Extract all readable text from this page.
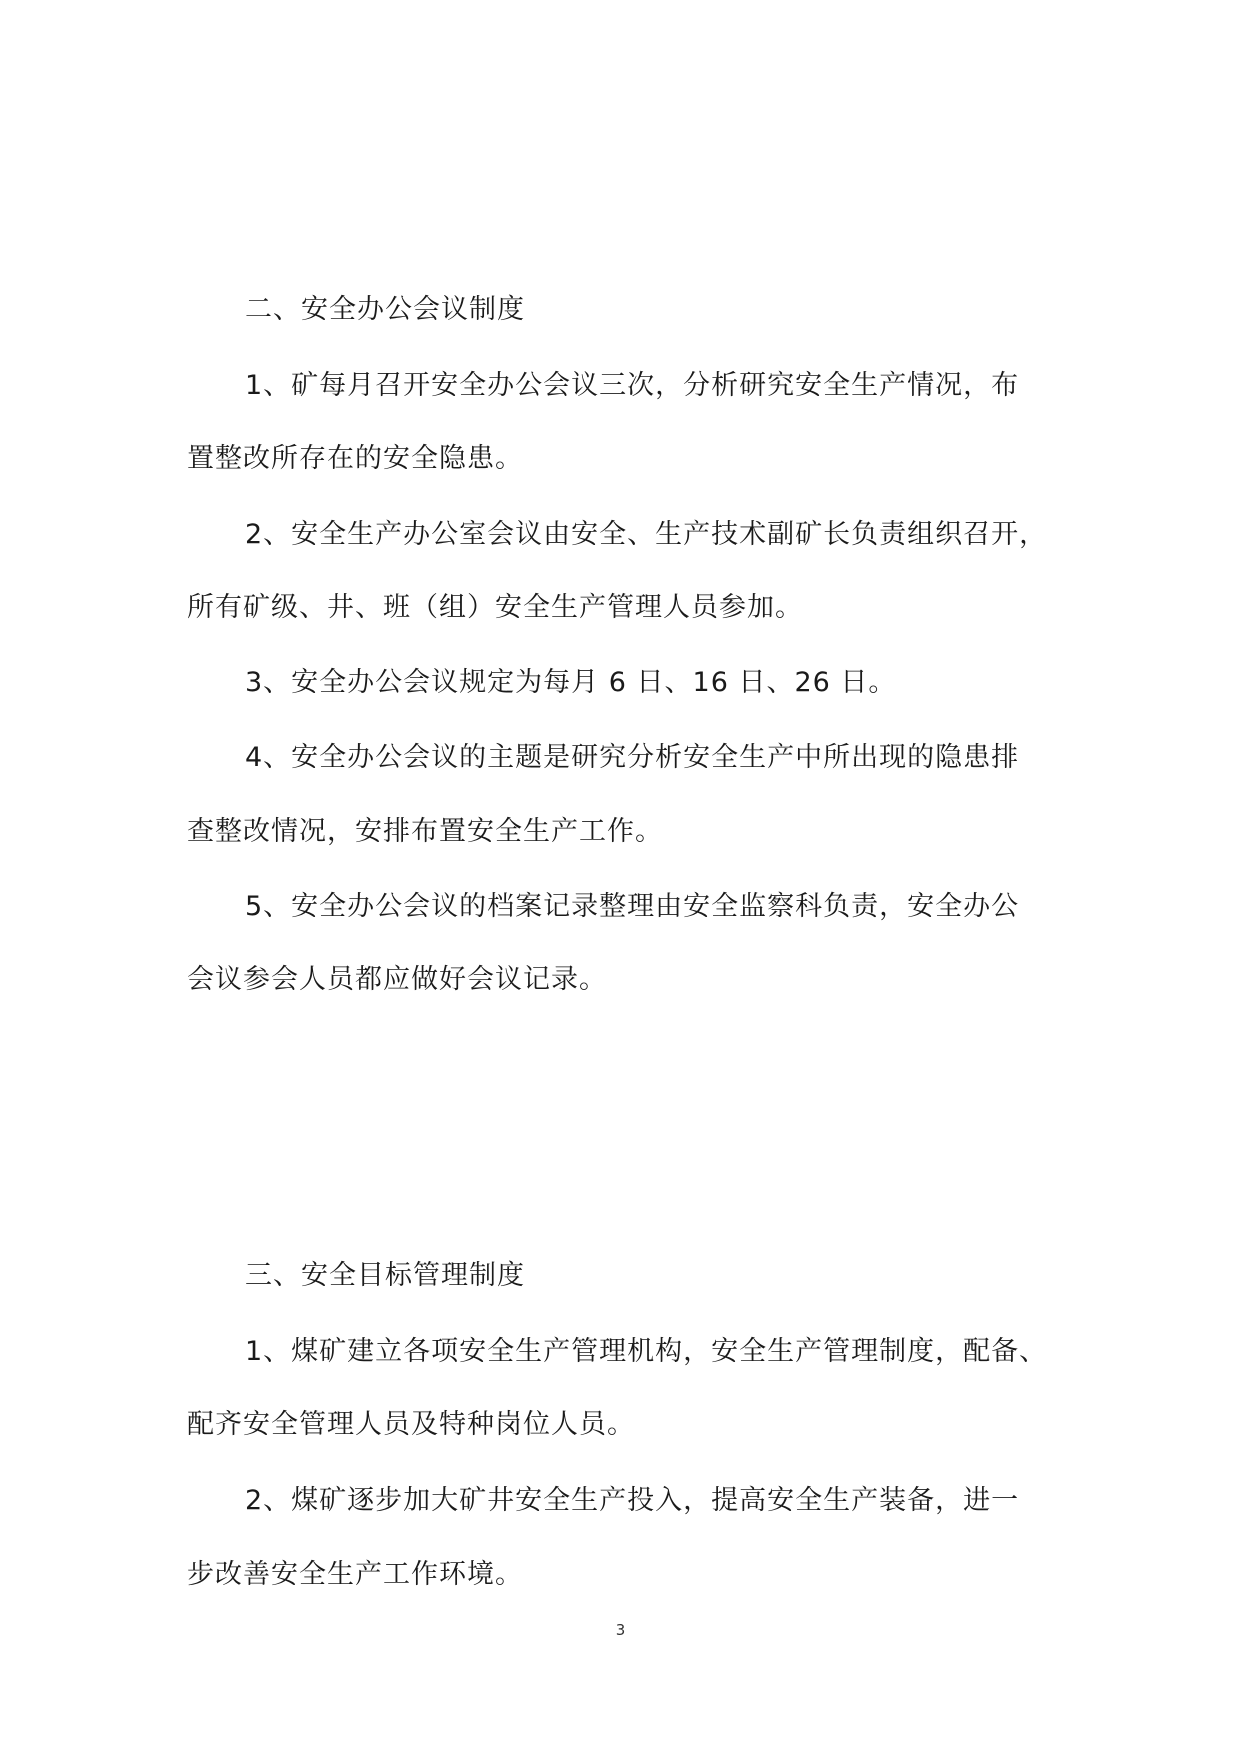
二、安全办公会议制度
1、矿每月召开安全办公会议三次，分析研究安全生产情况，布
置整改所存在的安全隐患。
2、安全生产办公室会议由安全、生产技术副矿长负责组织召开，
所有矿级、井、班（组）安全生产管理人员参加。
3、安全办公会议规定为每月 6 日、16 日、26 日。
4、安全办公会议的主题是研究分析安全生产中所出现的隐患排
查整改情况，安排布置安全生产工作。
5、安全办公会议的档案记录整理由安全监察科负责，安全办公
会议参会人员都应做好会议记录。
三、安全目标管理制度
1、煤矿建立各项安全生产管理机构，安全生产管理制度，配备、
配齐安全管理人员及特种岗位人员。
2、煤矿逐步加大矿井安全生产投入，提高安全生产装备，进一
步改善安全生产工作环境。
3
